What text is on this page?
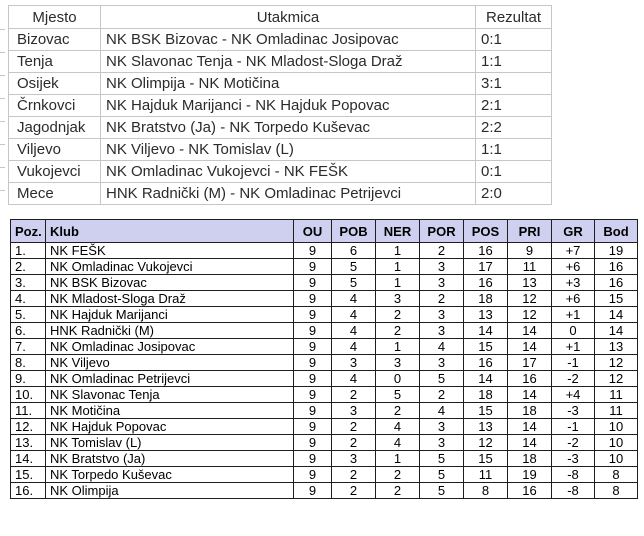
Mjesto	Utakmica	Rezultat
Bizovac	NK BSK Bizovac - NK Omladinac Josipovac	0:1
Tenja	NK Slavonac Tenja - NK Mladost-Sloga Draž	1:1
Osijek	NK Olimpija - NK Motičina	3:1
Črnkovci	NK Hajduk Marijanci - NK Hajduk Popovac	2:1
Jagodnjak	NK Bratstvo (Ja) - NK Torpedo Kuševac	2:2
Viljevo	NK Viljevo - NK Tomislav (L)	1:1
Vukojevci	NK Omladinac Vukojevci - NK FEŠK	0:1
Mece	HNK Radnički (M) - NK Omladinac Petrijevci	2:0
Poz.	Klub	OU	POB	NER	POR	POS	PRI	GR	Bod
1.	NK FEŠK	9	6	1	2	16	9	+7	19
2.	NK Omladinac Vukojevci	9	5	1	3	17	11	+6	16
3.	NK BSK Bizovac	9	5	1	3	16	13	+3	16
4.	NK Mladost-Sloga Draž	9	4	3	2	18	12	+6	15
5.	NK Hajduk Marijanci	9	4	2	3	13	12	+1	14
6.	HNK Radnički (M)	9	4	2	3	14	14	0	14
7.	NK Omladinac Josipovac	9	4	1	4	15	14	+1	13
8.	NK Viljevo	9	3	3	3	16	17	-1	12
9.	NK Omladinac Petrijevci	9	4	0	5	14	16	-2	12
10.	NK Slavonac Tenja	9	2	5	2	18	14	+4	11
11.	NK Motičina	9	3	2	4	15	18	-3	11
12.	NK Hajduk Popovac	9	2	4	3	13	14	-1	10
13.	NK Tomislav (L)	9	2	4	3	12	14	-2	10
14.	NK Bratstvo (Ja)	9	3	1	5	15	18	-3	10
15.	NK Torpedo Kuševac	9	2	2	5	11	19	-8	8
16.	NK Olimpija	9	2	2	5	8	16	-8	8
